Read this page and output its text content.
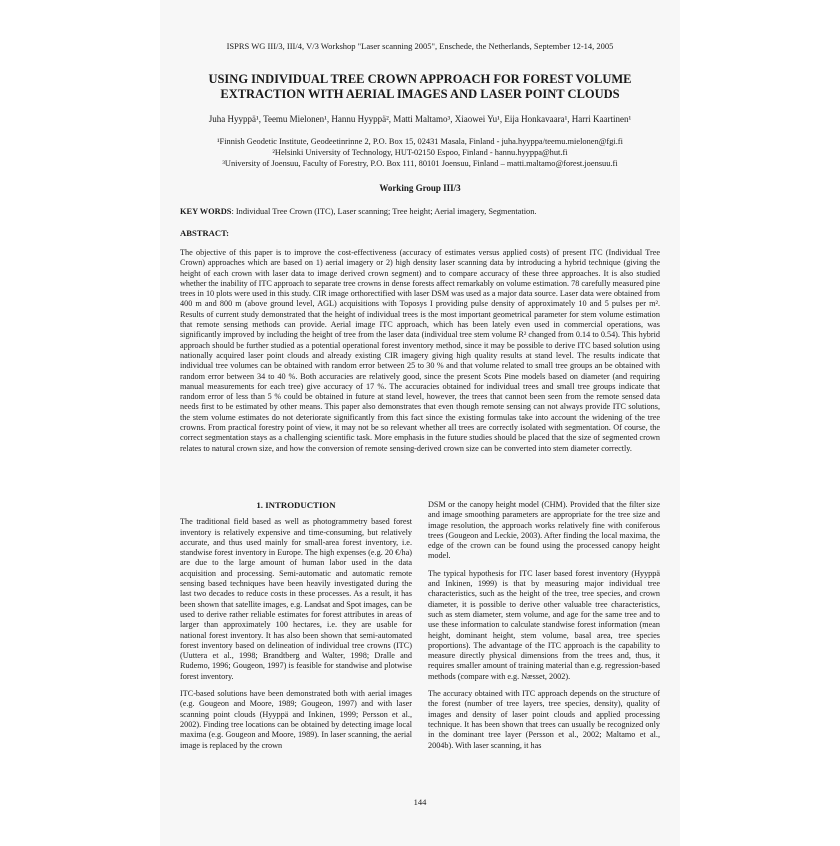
ISPRS WG III/3, III/4, V/3 Workshop "Laser scanning 2005", Enschede, the Netherlands, September 12-14, 2005
USING INDIVIDUAL TREE CROWN APPROACH FOR FOREST VOLUME EXTRACTION WITH AERIAL IMAGES AND LASER POINT CLOUDS
Juha Hyyppä¹, Teemu Mielonen¹, Hannu Hyyppä², Matti Maltamo³, Xiaowei Yu¹, Eija Honkavaara¹, Harri Kaartinen¹
¹Finnish Geodetic Institute, Geodeetinrinne 2, P.O. Box 15, 02431 Masala, Finland - juha.hyyppa/teemu.mielonen@fgi.fi
²Helsinki University of Technology, HUT-02150 Espoo, Finland - hannu.hyyppa@hut.fi
³University of Joensuu, Faculty of Forestry, P.O. Box 111, 80101 Joensuu, Finland – matti.maltamo@forest.joensuu.fi
Working Group III/3
KEY WORDS: Individual Tree Crown (ITC), Laser scanning; Tree height; Aerial imagery, Segmentation.
ABSTRACT:
The objective of this paper is to improve the cost-effectiveness (accuracy of estimates versus applied costs) of present ITC (Individual Tree Crown) approaches which are based on 1) aerial imagery or 2) high density laser scanning data by introducing a hybrid technique (giving the height of each crown with laser data to image derived crown segment) and to compare accuracy of these three approaches. It is also studied whether the inability of ITC approach to separate tree crowns in dense forests affect remarkably on volume estimation. 78 carefully measured pine trees in 10 plots were used in this study. CIR image orthorectified with laser DSM was used as a major data source. Laser data were obtained from 400 m and 800 m (above ground level, AGL) acquisitions with Toposys I providing pulse density of approximately 10 and 5 pulses per m². Results of current study demonstrated that the height of individual trees is the most important geometrical parameter for stem volume estimation that remote sensing methods can provide. Aerial image ITC approach, which has been lately even used in commercial operations, was significantly improved by including the height of tree from the laser data (individual tree stem volume R² changed from 0.14 to 0.54). This hybrid approach should be further studied as a potential operational forest inventory method, since it may be possible to derive ITC based solution using nationally acquired laser point clouds and already existing CIR imagery giving high quality results at stand level. The results indicate that individual tree volumes can be obtained with random error between 25 to 30 % and that volume related to small tree groups an be obtained with random error between 34 to 40 %. Both accuracies are relatively good, since the present Scots Pine models based on diameter (and requiring manual measurements for each tree) give accuracy of 17 %. The accuracies obtained for individual trees and small tree groups indicate that random error of less than 5 % could be obtained in future at stand level, however, the trees that cannot been seen from the remote sensed data needs first to be estimated by other means. This paper also demonstrates that even though remote sensing can not always provide ITC solutions, the stem volume estimates do not deteriorate significantly from this fact since the existing formulas take into account the widening of the tree crowns. From practical forestry point of view, it may not be so relevant whether all trees are correctly isolated with segmentation. Of course, the correct segmentation stays as a challenging scientific task. More emphasis in the future studies should be placed that the size of segmented crown relates to natural crown size, and how the conversion of remote sensing-derived crown size can be converted into stem diameter correctly.
1. INTRODUCTION

The traditional field based as well as photogrammetry based forest inventory is relatively expensive and time-consuming, but relatively accurate, and thus used mainly for small-area forest inventory, i.e. standwise forest inventory in Europe. The high expenses (e.g. 20 €/ha) are due to the large amount of human labor used in the data acquisition and processing. Semi-automatic and automatic remote sensing based techniques have been heavily investigated during the last two decades to reduce costs in these processes. As a result, it has been shown that satellite images, e.g. Landsat and Spot images, can be used to derive rather reliable estimates for forest attributes in areas of larger than approximately 100 hectares, i.e. they are usable for national forest inventory. It has also been shown that semi-automated forest inventory based on delineation of individual tree crowns (ITC) (Uuttera et al., 1998; Brandtberg and Walter, 1998; Dralle and Rudemo, 1996; Gougeon, 1997) is feasible for standwise and plotwise forest inventory.

ITC-based solutions have been demonstrated both with aerial images (e.g. Gougeon and Moore, 1989; Gougeon, 1997) and with laser scanning point clouds (Hyyppä and Inkinen, 1999; Persson et al., 2002). Finding tree locations can be obtained by detecting image local maxima (e.g. Gougeon and Moore, 1989). In laser scanning, the aerial image is replaced by the crown

DSM or the canopy height model (CHM). Provided that the filter size and image smoothing parameters are appropriate for the tree size and image resolution, the approach works relatively fine with coniferous trees (Gougeon and Leckie, 2003). After finding the local maxima, the edge of the crown can be found using the processed canopy height model.

The typical hypothesis for ITC laser based forest inventory (Hyyppä and Inkinen, 1999) is that by measuring major individual tree characteristics, such as the height of the tree, tree species, and crown diameter, it is possible to derive other valuable tree characteristics, such as stem diameter, stem volume, and age for the same tree and to use these information to calculate standwise forest information (mean height, dominant height, stem volume, basal area, tree species proportions). The advantage of the ITC approach is the capability to measure directly physical dimensions from the trees and, thus, it requires smaller amount of training material than e.g. regression-based methods (compare with e.g. Næsset, 2002).

The accuracy obtained with ITC approach depends on the structure of the forest (number of tree layers, tree species, density), quality of images and density of laser point clouds and applied processing technique. It has been shown that trees can usually be recognized only in the dominant tree layer (Persson et al., 2002; Maltamo et al., 2004b). With laser scanning, it has

144
